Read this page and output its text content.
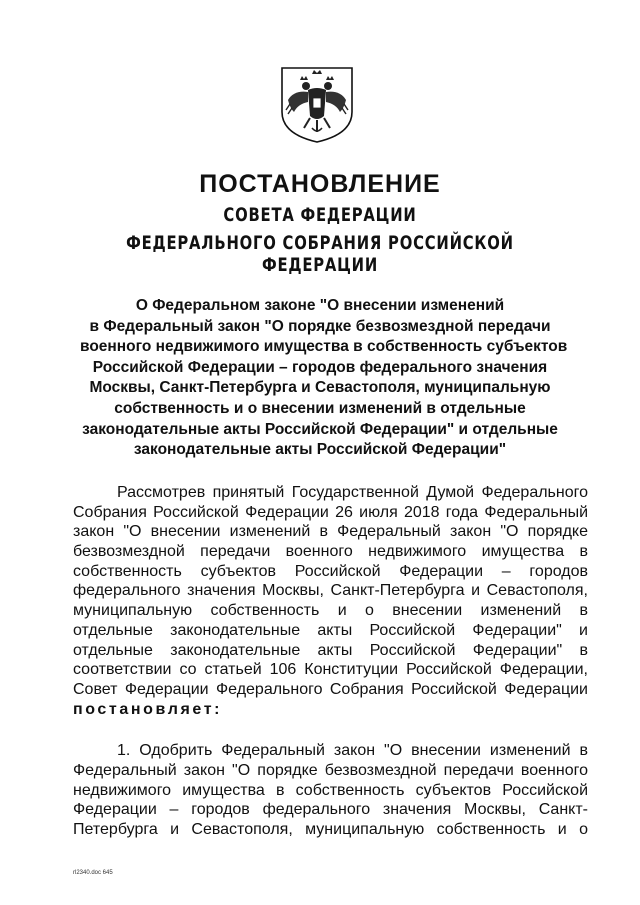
ПОСТАНОВЛЕНИЕ
СОВЕТА ФЕДЕРАЦИИ
ФЕДЕРАЛЬНОГО СОБРАНИЯ РОССИЙСКОЙ ФЕДЕРАЦИИ
О Федеральном законе "О внесении изменений
в Федеральный закон "О порядке безвозмездной передачи
военного недвижимого имущества в собственность субъектов
Российской Федерации – городов федерального значения
Москвы, Санкт-Петербурга и Севастополя, муниципальную
собственность и о внесении изменений в отдельные
законодательные акты Российской Федерации" и отдельные
законодательные акты Российской Федерации"
Рассмотрев принятый Государственной Думой Федерального
Собрания Российской Федерации 26 июля 2018 года Федеральный
закон "О внесении изменений в Федеральный закон "О порядке
безвозмездной передачи военного недвижимого имущества в
собственность субъектов Российской Федерации – городов
федерального значения Москвы, Санкт-Петербурга и Севастополя,
муниципальную собственность и о внесении изменений в
отдельные законодательные акты Российской Федерации" и
отдельные законодательные акты Российской Федерации" в
соответствии со статьей 106 Конституции Российской Федерации,
Совет Федерации Федерального Собрания Российской Федерации
постановляет:
1. Одобрить Федеральный закон "О внесении изменений в
Федеральный закон "О порядке безвозмездной передачи военного
недвижимого имущества в собственность субъектов Российской
Федерации – городов федерального значения Москвы, Санкт-
Петербурга и Севастополя, муниципальную собственность и о
rl2340.doc 645
